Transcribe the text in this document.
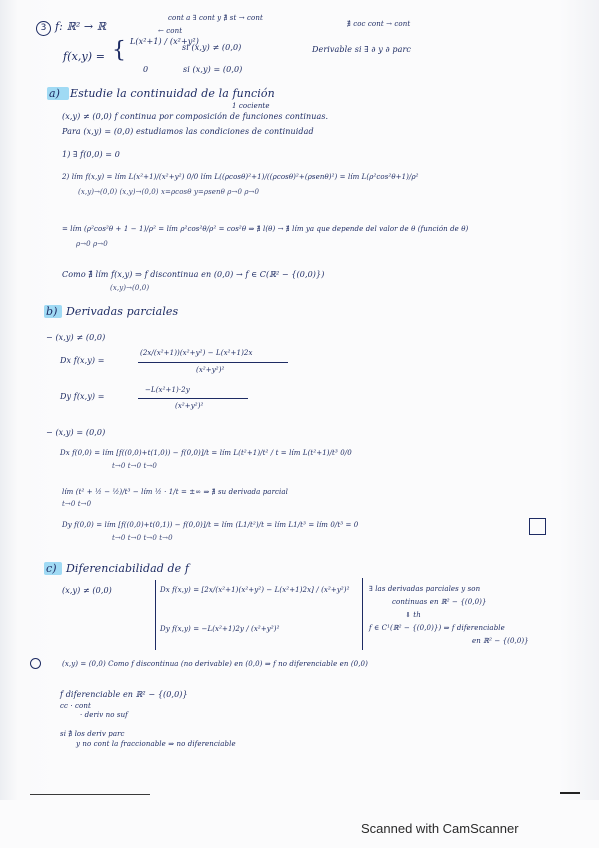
3 f: ℝ² → ℝ
cont a ∃ cont y ∄ st → cont
← cont
∄ coc cont → cont
f(x,y) = { L(x²+1) / (x²+y²)
si (x,y) ≠ (0,0)
0	si (x,y) = (0,0)
Derivable si ∃ ∂ y ∂ parc
a) Estudie la continuidad de la función
1 cociente
(x,y) ≠ (0,0) f continua por composición de funciones continuas.
Para (x,y) = (0,0) estudiamos las condiciones de continuidad
1) ∃ f(0,0) = 0
2) lím f(x,y) = lím L(x²+1)/(x²+y²) 0/0 lím L((ρcosθ)²+1)/((ρcosθ)²+(ρsenθ)²) = lím L(ρ²cos²θ+1)/ρ²
(x,y)→(0,0) (x,y)→(0,0) x=ρcosθ y=ρsenθ ρ→0 ρ→0
= lím (ρ²cos²θ + 1 − 1)/ρ² = lím ρ²cos²θ/ρ² = cos²θ ⇒ ∄ l(θ) → ∄ lím ya que depende del valor de θ (función de θ)
ρ→0 ρ→0
Como ∄ lím f(x,y) ⇒ f discontinua en (0,0) → f ∈ C(ℝ² − {(0,0)})
(x,y)→(0,0)
b) Derivadas parciales
− (x,y) ≠ (0,0)
Dx f(x,y) =
(2x/(x²+1))(x²+y²) − L(x²+1)2x
(x²+y²)²
Dy f(x,y) =
−L(x²+1)·2y
(x²+y²)²
− (x,y) = (0,0)
Dx f(0,0) = lím [f((0,0)+t(1,0)) − f(0,0)]/t = lím L(t²+1)/t² / t = lím L(t²+1)/t³ 0/0
t→0 t→0 t→0
lím (t² + ½ − ½)/t³ − lím ½ · 1/t = ±∞ ⇒ ∄ su derivada parcial
t→0 t→0
Dy f(0,0) = lím [f((0,0)+t(0,1)) − f(0,0)]/t = lím (L1/t²)/t = lím L1/t³ = lím 0/t³ = 0
t→0 t→0 t→0 t→0
c) Diferenciabilidad de f
(x,y) ≠ (0,0)	Dx f(x,y) = [2x/(x²+1)(x²+y²) − L(x²+1)2x] / (x²+y²)²
Dy f(x,y) = −L(x²+1)2y / (x²+y²)²
∃ las derivadas parciales y son
continuas en ℝ² − {(0,0)}
⇓ th
f ∈ C¹(ℝ² − {(0,0)}) ⇒ f diferenciable
en ℝ² − {(0,0)}
(x,y) = (0,0) Como f discontinua (no derivable) en (0,0) ⇒ f no diferenciable en (0,0)
f diferenciable en ℝ² − {(0,0)}
cc · cont
· deriv no suf
si ∄ los deriv parc
y no cont la fraccionable ⇒ no diferenciable
Scanned with CamScanner
